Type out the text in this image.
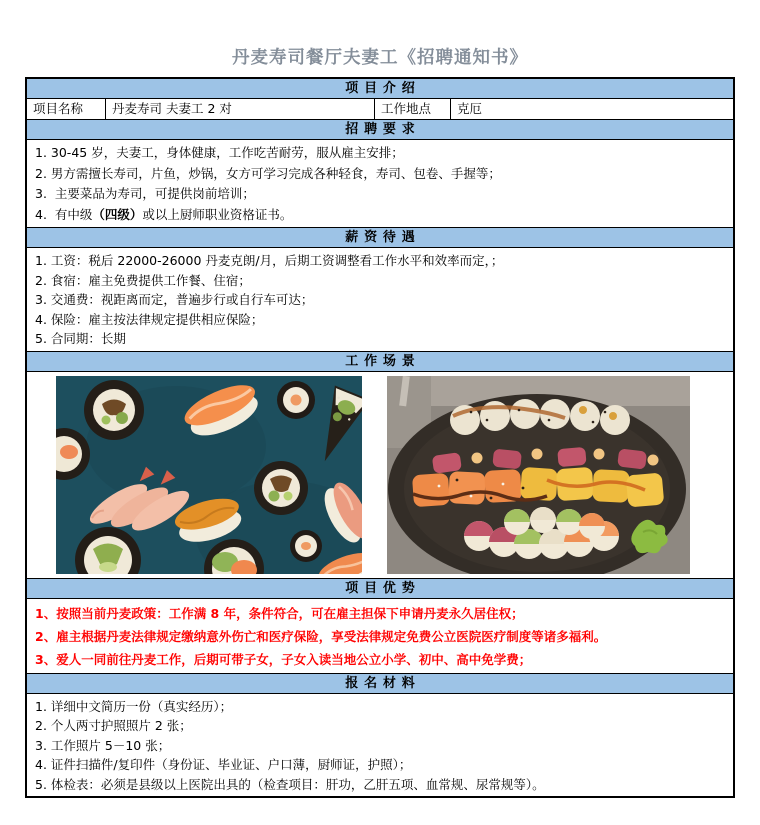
丹麦寿司餐厅夫妻工《招聘通知书》
项目介绍
项目名称	丹麦寿司 夫妻工 2 对	工作地点	克厄
招聘要求
1. 30-45 岁，夫妻工，身体健康，工作吃苦耐劳，服从雇主安排；
2. 男方需擅长寿司，片鱼，炒锅，女方可学习完成各种轻食，寿司、包卷、手握等；
3.  主要菜品为寿司，可提供岗前培训；
4.  有中级（四级）或以上厨师职业资格证书。
薪资待遇
1. 工资：税后 22000-26000 丹麦克朗/月，后期工资调整看工作水平和效率而定，；
2. 食宿：雇主免费提供工作餐、住宿；
3. 交通费：视距离而定，普遍步行或自行车可达；
4. 保险：雇主按法律规定提供相应保险；
5. 合同期：长期
工作场景
项目优势
1、按照当前丹麦政策：工作满 8 年，条件符合，可在雇主担保下申请丹麦永久居住权；
2、雇主根据丹麦法律规定缴纳意外伤亡和医疗保险，享受法律规定免费公立医院医疗制度等诸多福利。
3、爱人一同前往丹麦工作，后期可带子女，子女入读当地公立小学、初中、高中免学费；
报名材料
1. 详细中文简历一份（真实经历）；
2. 个人两寸护照照片 2 张；
3. 工作照片 5－10 张；
4. 证件扫描件/复印件（身份证、毕业证、户口薄，厨师证，护照）；
5. 体检表：必须是县级以上医院出具的（检查项目：肝功，乙肝五项、血常规、尿常规等）。
